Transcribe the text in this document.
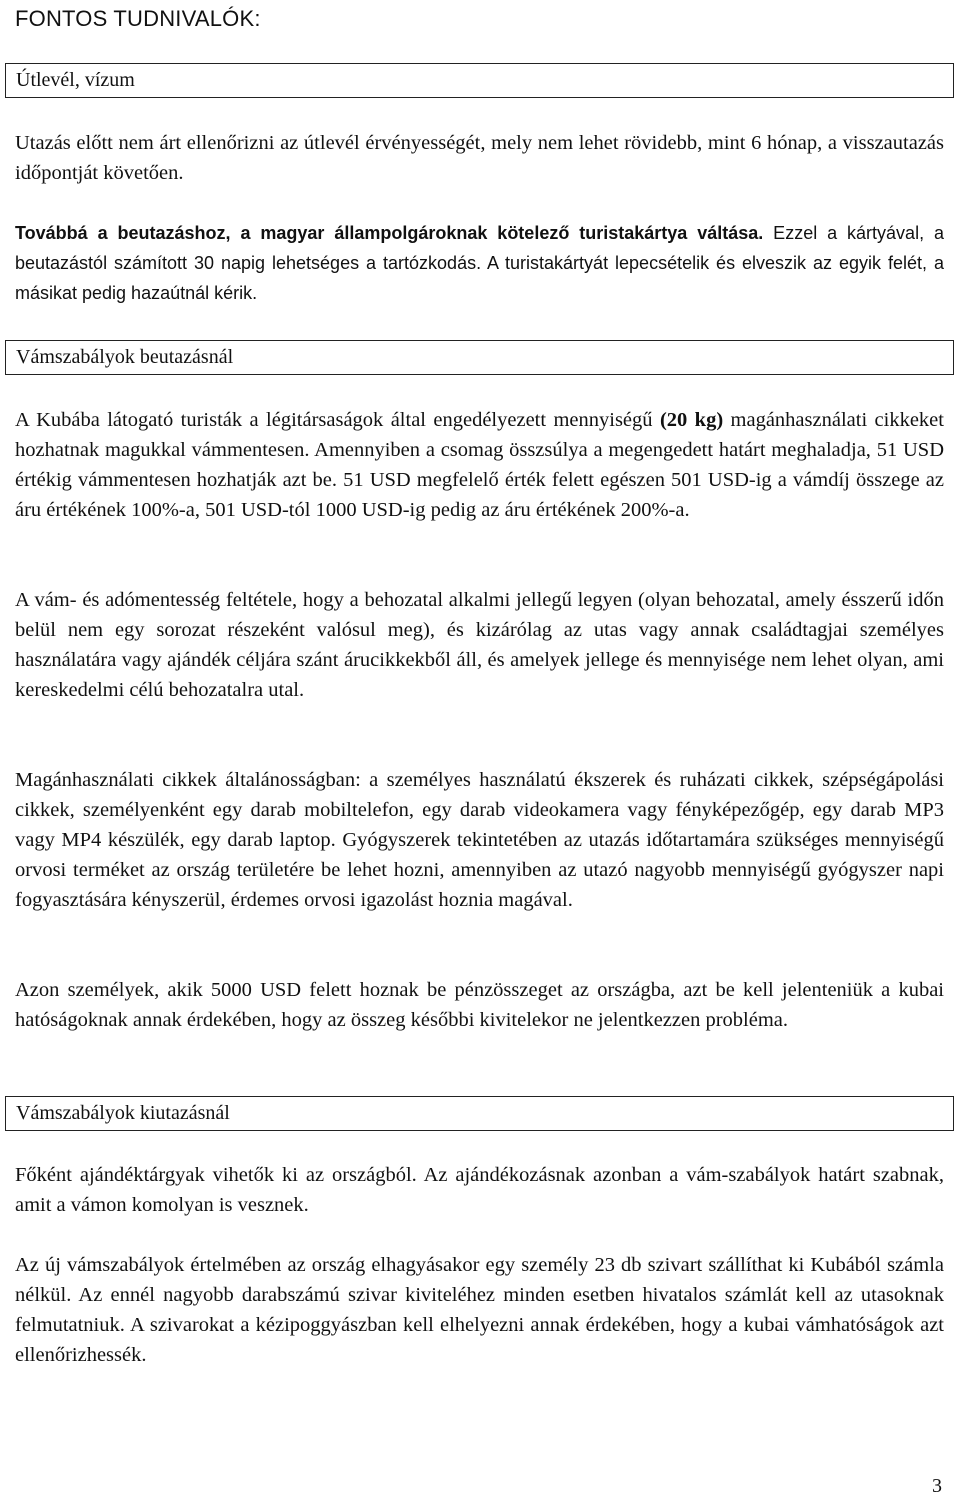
FONTOS TUDNIVALÓK:
Útlevél, vízum

Utazás előtt nem árt ellenőrizni az útlevél érvényességét, mely nem lehet rövidebb, mint 6 hónap, a visszautazás időpontját követően.

Továbbá a beutazáshoz, a magyar állampolgároknak kötelező turistakártya váltása. Ezzel a kártyával, a beutazástól számított 30 napig lehetséges a tartózkodás. A turistakártyát lepecsételik és elveszik az egyik felét, a másikat pedig hazaútnál kérik.

Vámszabályok beutazásnál

A Kubába látogató turisták a légitársaságok által engedélyezett mennyiségű (20 kg) magánhasználati cikkeket hozhatnak magukkal vámmentesen. Amennyiben a csomag összsúlya a megengedett határt meghaladja, 51 USD értékig vámmentesen hozhatják azt be. 51 USD megfelelő érték felett egészen 501 USD-ig a vámdíj összege az áru értékének 100%-a, 501 USD-tól 1000 USD-ig pedig az áru értékének 200%-a.

A vám- és adómentesség feltétele, hogy a behozatal alkalmi jellegű legyen (olyan behozatal, amely ésszerű időn belül nem egy sorozat részeként valósul meg), és kizárólag az utas vagy annak családtagjai személyes használatára vagy ajándék céljára szánt árucikkekből áll, és amelyek jellege és mennyisége nem lehet olyan, ami kereskedelmi célú behozatalra utal.

Magánhasználati cikkek általánosságban: a személyes használatú ékszerek és ruházati cikkek, szépségápolási cikkek, személyenként egy darab mobiltelefon, egy darab videokamera vagy fényképezőgép, egy darab MP3 vagy MP4 készülék, egy darab laptop. Gyógyszerek tekintetében az utazás időtartamára szükséges mennyiségű orvosi terméket az ország területére be lehet hozni, amennyiben az utazó nagyobb mennyiségű gyógyszer napi fogyasztására kényszerül, érdemes orvosi igazolást hoznia magával.

Azon személyek, akik 5000 USD felett hoznak be pénzösszeget az országba, azt be kell jelenteniük a kubai hatóságoknak annak érdekében, hogy az összeg későbbi kivitelekor ne jelentkezzen probléma.

Vámszabályok kiutazásnál

Főként ajándéktárgyak vihetők ki az országból. Az ajándékozásnak azonban a vám-szabályok határt szabnak, amit a vámon komolyan is vesznek.

Az új vámszabályok értelmében az ország elhagyásakor egy személy 23 db szivart szállíthat ki Kubából számla nélkül. Az ennél nagyobb darabszámú szivar kiviteléhez minden esetben hivatalos számlát kell az utasoknak felmutatniuk. A szivarokat a kézipoggyászban kell elhelyezni annak érdekében, hogy a kubai vámhatóságok azt ellenőrizhessék.

3
